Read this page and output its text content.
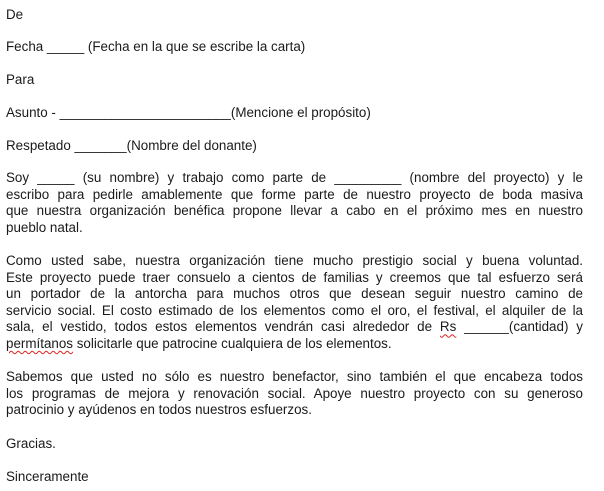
De
Fecha _____ (Fecha en la que se escribe la carta)
Para
Asunto - _______________________(Mencione el propósito)
Respetado _______(Nombre del donante)
Soy _____ (su nombre) y trabajo como parte de _________ (nombre del proyecto) y le
escribo para pedirle amablemente que forme parte de nuestro proyecto de boda masiva
que nuestra organización benéfica propone llevar a cabo en el próximo mes en nuestro
pueblo natal.
Como usted sabe, nuestra organización tiene mucho prestigio social y buena voluntad.
Este proyecto puede traer consuelo a cientos de familias y creemos que tal esfuerzo será
un portador de la antorcha para muchos otros que desean seguir nuestro camino de
servicio social. El costo estimado de los elementos como el oro, el festival, el alquiler de la
sala, el vestido, todos estos elementos vendrán casi alrededor de Rs ______(cantidad) y
permítanos solicitarle que patrocine cualquiera de los elementos.
Sabemos que usted no sólo es nuestro benefactor, sino también el que encabeza todos
los programas de mejora y renovación social. Apoye nuestro proyecto con su generoso
patrocinio y ayúdenos en todos nuestros esfuerzos.
Gracias.
Sinceramente
